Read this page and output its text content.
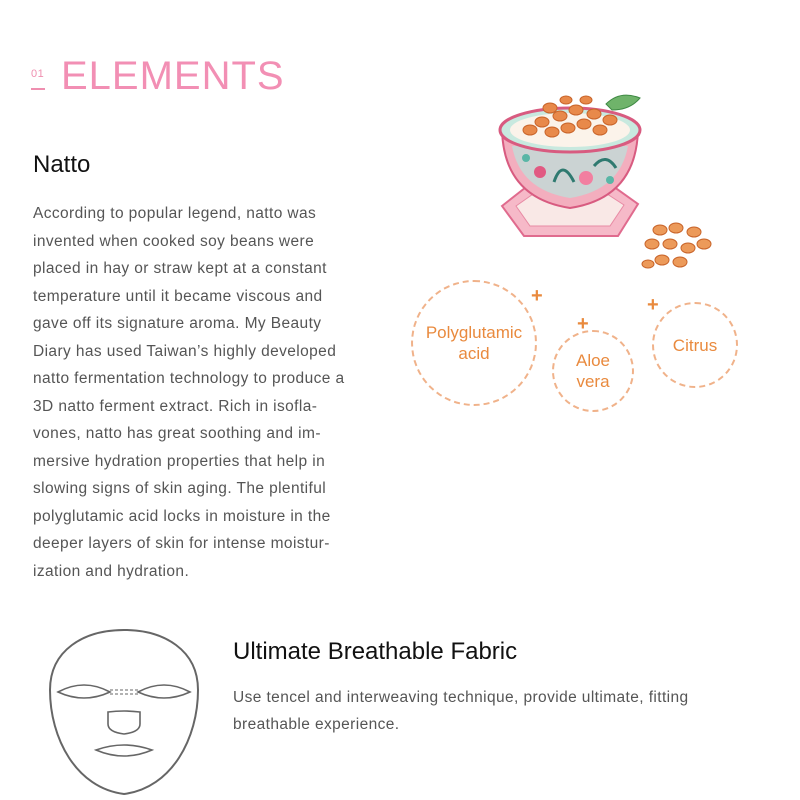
01 ELEMENTS
Natto
According to popular legend, natto was
invented when cooked soy beans were
placed in hay or straw kept at a constant
temperature until it became viscous and
gave off its signature aroma. My Beauty
Diary has used Taiwan’s highly developed
natto fermentation technology to produce a
3D natto ferment extract. Rich in isofla-
vones, natto has great soothing and im-
mersive hydration properties that help in
slowing signs of skin aging. The plentiful
polyglutamic acid locks in moisture in the
deeper layers of skin for intense moistur-
ization and hydration.
+
+
+
Polyglutamic
acid	Aloe
vera
Citrus
Ultimate Breathable Fabric
Use tencel and interweaving technique, provide ultimate, fitting
breathable experience.
